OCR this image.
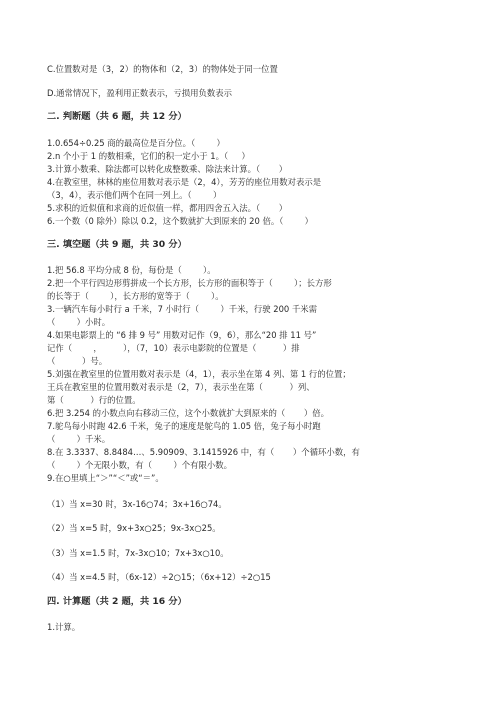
C.位置数对是（3，2）的物体和（2，3）的物体处于同一位置
D.通常情况下，盈利用正数表示，亏损用负数表示
二. 判断题（共 6 题，共 12 分）
1.0.654÷0.25 商的最高位是百分位。（        ）
2.n 个小于 1 的数相乘，它们的积一定小于 1。（     ）
3.计算小数乘、除法都可以转化成整数乘、除法来计算。（       ）
4.在教室里，林林的座位用数对表示是（2，4），芳芳的座位用数对表示是
（3，4），表示他们两个在同一列上。（        ）
5.求积的近似值和求商的近似值一样，都用四舍五入法。（       ）
6.一个数（0 除外）除以 0.2，这个数就扩大到原来的 20 倍。（        ）
三. 填空题（共 9 题，共 30 分）
1.把 56.8 平均分成 8 份，每份是（        ）。
2.把一个平行四边形剪拼成一个长方形，长方形的面积等于（        ）；长方形
的长等于（        ），长方形的宽等于（        ）。
3.一辆汽车每小时行 a 千米，7 小时行（        ）千米，行驶 200 千米需
（        ）小时。
4.如果电影票上的 “6 排 9 号” 用数对记作（9，6），那么“20 排 11 号”
记作（        ，        ），（7，10）表示电影院的位置是（          ）排
（          ）号。
5.刘强在教室里的位置用数对表示是（4，1），表示坐在第 4 列、第 1 行的位置；
王兵在教室里的位置用数对表示是（2，7），表示坐在第（          ）列、
第（          ）行的位置。
6.把 3.254 的小数点向右移动三位，这个小数就扩大到原来的（       ）倍。
7.鸵鸟每小时跑 42.6 千米，兔子的速度是鸵鸟的 1.05 倍，兔子每小时跑
（        ）千米。
8.在 3.3337、8.8484…、5.90909、3.1415926 中，有（       ）个循环小数，有
（        ）个无限小数，有（        ）个有限小数。
9.在○里填上“＞”“＜”或“＝”。
（1）当 x=30 时，3x-16○74；3x+16○74。
（2）当 x=5 时，9x+3x○25；9x-3x○25。
（3）当 x=1.5 时，7x-3x○10；7x+3x○10。
（4）当 x=4.5 时，（6x-12）÷2○15；（6x+12）÷2○15
四. 计算题（共 2 题，共 16 分）
1.计算。
